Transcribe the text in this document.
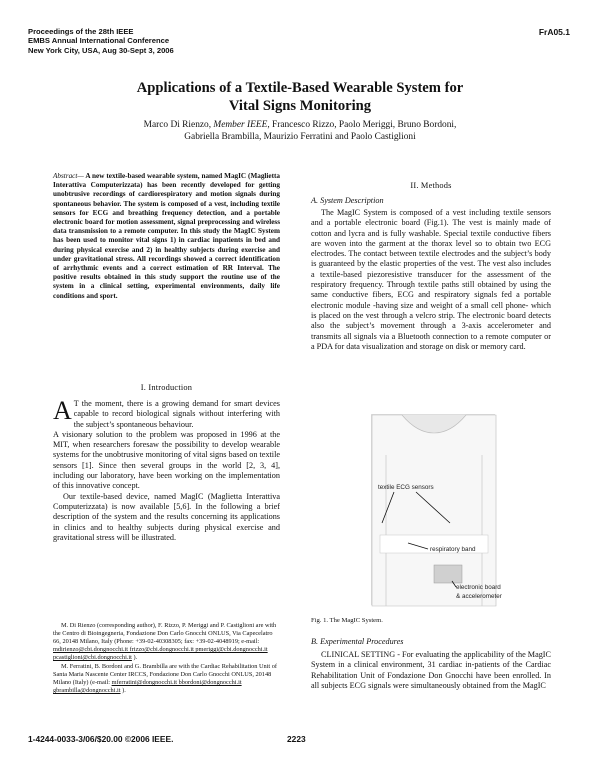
Proceedings of the 28th IEEE
EMBS Annual International Conference
New York City, USA, Aug 30-Sept 3, 2006
FrA05.1
Applications of a Textile-Based Wearable System for
Vital Signs Monitoring
Marco Di Rienzo, Member IEEE, Francesco Rizzo, Paolo Meriggi, Bruno Bordoni,
Gabriella Brambilla, Maurizio Ferratini and Paolo Castiglioni
Abstract— A new textile-based wearable system, named MagIC (Maglietta Interattiva Computerizzata) has been recently developed for getting unobtrusive recordings of cardiorespiratory and motion signals during spontaneous behavior. The system is composed of a vest, including textile sensors for ECG and breathing frequency detection, and a portable electronic board for motion assessment, signal preprocessing and wireless data transmission to a remote computer. In this study the MagIC System has been used to monitor vital signs 1) in cardiac inpatients in bed and during physical exercise and 2) in healthy subjects during exercise and under gravitational stress. All recordings showed a correct identification of arrhythmic events and a correct estimation of RR Interval. The positive results obtained in this study support the routine use of the system in a clinical setting, experimental environments, daily life conditions and sport.
I. Introduction
A T the moment, there is a growing demand for smart devices capable to record biological signals without interfering with the subject’s spontaneous behaviour.

A visionary solution to the problem was proposed in 1996 at the MIT, when researchers foresaw the possibility to develop wearable systems for the unobtrusive monitoring of vital signs based on textile sensors [1]. Since then several groups in the world [2, 3, 4], including our laboratory, have been working on the implementation of this innovative concept.

Our textile-based device, named MagIC (Maglietta Interattiva Computerizzata) is now available [5,6]. In the following a brief description of the system and the results concerning its applications in clinics and to healthy subjects during physical exercise and gravitational stress will be illustrated.

M. Di Rienzo (corresponding author), F. Rizzo, P. Meriggi and P. Castiglioni are with the Centro di Bioingegneria, Fondazione Don Carlo Gnocchi ONLUS, Via Capecelatro 66, 20148 Milano, Italy (Phone: +39-02-40308305; fax: +39-02-4048919; e-mail: mdirienzo@cbi.dongnocchi.it frizzo@cbi.dongnocchi.it pmeriggi@cbi.dongnocchi.it pcastiglioni@cbi.dongnocchi.it ).

M. Ferratini, B. Bordoni and G. Brambilla are with the Cardiac Rehabilitation Unit of Santa Maria Nascente Center IRCCS, Fondazione Don Carlo Gnocchi ONLUS, 20148 Milano (Italy) (e-mail: mferratini@dongnocchi.it bbordoni@dongnocchi.it gbrambilla@dongnocchi.it ).

II. Methods
A. System Description

The MagIC System is composed of a vest including textile sensors and a portable electronic board (Fig.1). The vest is mainly made of cotton and lycra and is fully washable. Special textile conductive fibers are woven into the garment at the thorax level so to obtain two ECG electrodes. The contact between textile electrodes and the subject’s body is guaranteed by the elastic properties of the vest. The vest also includes a textile-based piezoresistive transducer for the assessment of the respiratory frequency. Through textile paths still obtained by using the same conductive fibers, ECG and respiratory signals fed a portable electronic module -having size and weight of a small cell phone- which is placed on the vest through a velcro strip. The electronic board detects also the subject’s movement through a 3-axis accelerometer and transmits all signals via a Bluetooth connection to a remote computer or a PDA for data visualization and storage on disk or memory card.

textile ECG sensors
respiratory band
electronic board
& accelerometer
Fig. 1. The MagIC System.
B. Experimental Procedures

CLINICAL SETTING - For evaluating the applicability of the MagIC System in a clinical environment, 31 cardiac in-patients of the Cardiac Rehabilitation Unit of Fondazione Don Gnocchi have been enrolled. In all subjects ECG signals were simultaneously obtained from the MagIC

1-4244-0033-3/06/$20.00 ©2006 IEEE.	2223
